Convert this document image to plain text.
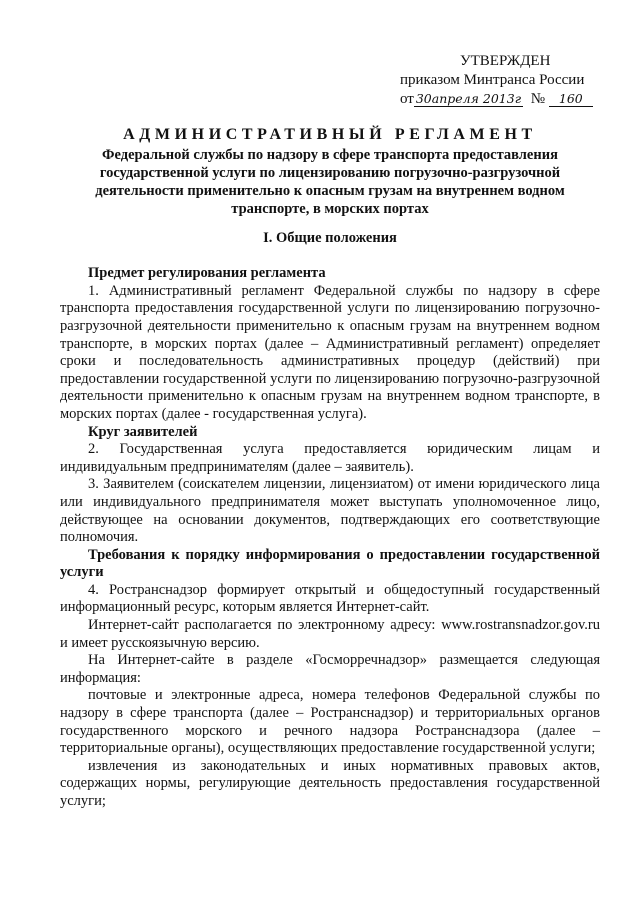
УТВЕРЖДЕН
приказом Минтранса России
от 30апреля 2013г № 160
АДМИНИСТРАТИВНЫЙ РЕГЛАМЕНТ
Федеральной службы по надзору в сфере транспорта предоставления государственной услуги по лицензированию погрузочно-разгрузочной деятельности применительно к опасным грузам на внутреннем водном транспорте, в морских портах
I. Общие положения

Предмет регулирования регламента

1. Административный регламент Федеральной службы по надзору в сфере транспорта предоставления государственной услуги по лицензированию погрузочно-разгрузочной деятельности применительно к опасным грузам на внутреннем водном транспорте, в морских портах (далее – Административный регламент) определяет сроки и последовательность административных процедур (действий) при предоставлении государственной услуги по лицензированию погрузочно-разгрузочной деятельности применительно к опасным грузам на внутреннем водном транспорте, в морских портах (далее - государственная услуга).

Круг заявителей

2. Государственная услуга предоставляется юридическим лицам и индивидуальным предпринимателям (далее – заявитель).

3. Заявителем (соискателем лицензии, лицензиатом) от имени юридического лица или индивидуального предпринимателя может выступать уполномоченное лицо, действующее на основании документов, подтверждающих его соответствующие полномочия.

Требования к порядку информирования о предоставлении государственной услуги

4. Ространснадзор формирует открытый и общедоступный государственный информационный ресурс, которым является Интернет-сайт.

Интернет-сайт располагается по электронному адресу: www.rostransnadzor.gov.ru и имеет русскоязычную версию.

На Интернет-сайте в разделе «Госморречнадзор» размещается следующая информация:

почтовые и электронные адреса, номера телефонов Федеральной службы по надзору в сфере транспорта (далее – Ространснадзор) и территориальных органов государственного морского и речного надзора Ространснадзора (далее – территориальные органы), осуществляющих предоставление государственной услуги;

извлечения из законодательных и иных нормативных правовых актов, содержащих нормы, регулирующие деятельность предоставления государственной услуги;
